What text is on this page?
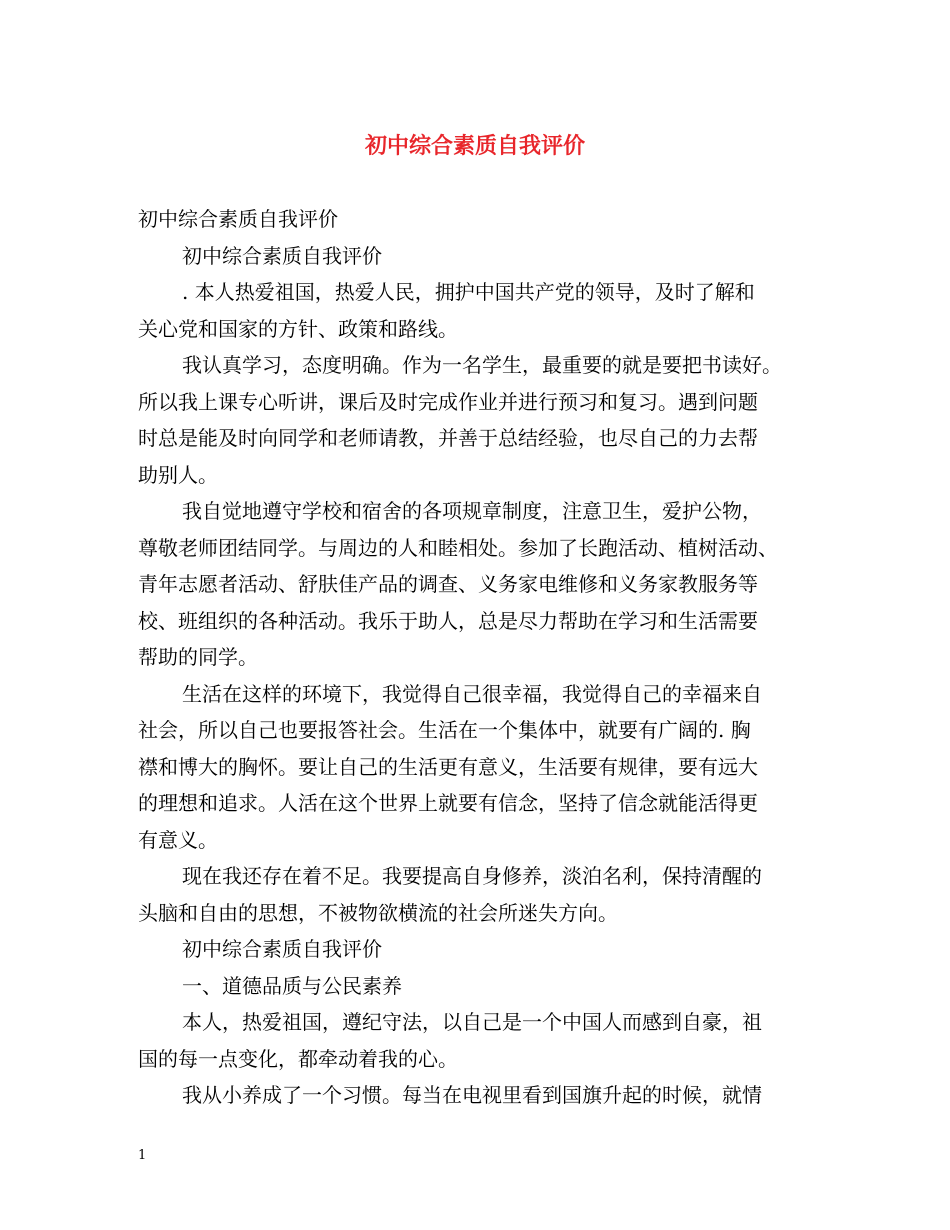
初中综合素质自我评价
初中综合素质自我评价
初中综合素质自我评价
. 本人热爱祖国，热爱人民，拥护中国共产党的领导，及时了解和
关心党和国家的方针、政策和路线。
我认真学习，态度明确。作为一名学生，最重要的就是要把书读好。
所以我上课专心听讲，课后及时完成作业并进行预习和复习。遇到问题
时总是能及时向同学和老师请教，并善于总结经验，也尽自己的力去帮
助别人。
我自觉地遵守学校和宿舍的各项规章制度，注意卫生，爱护公物，
尊敬老师团结同学。与周边的人和睦相处。参加了长跑活动、植树活动、
青年志愿者活动、舒肤佳产品的调查、义务家电维修和义务家教服务等
校、班组织的各种活动。我乐于助人，总是尽力帮助在学习和生活需要
帮助的同学。
生活在这样的环境下，我觉得自己很幸福，我觉得自己的幸福来自
社会，所以自己也要报答社会。生活在一个集体中，就要有广阔的. 胸
襟和博大的胸怀。要让自己的生活更有意义，生活要有规律，要有远大
的理想和追求。人活在这个世界上就要有信念，坚持了信念就能活得更
有意义。
现在我还存在着不足。我要提高自身修养，淡泊名利，保持清醒的
头脑和自由的思想，不被物欲横流的社会所迷失方向。
初中综合素质自我评价
一、道德品质与公民素养
本人，热爱祖国，遵纪守法，以自己是一个中国人而感到自豪，祖
国的每一点变化，都牵动着我的心。
我从小养成了一个习惯。每当在电视里看到国旗升起的时候，就情
1
